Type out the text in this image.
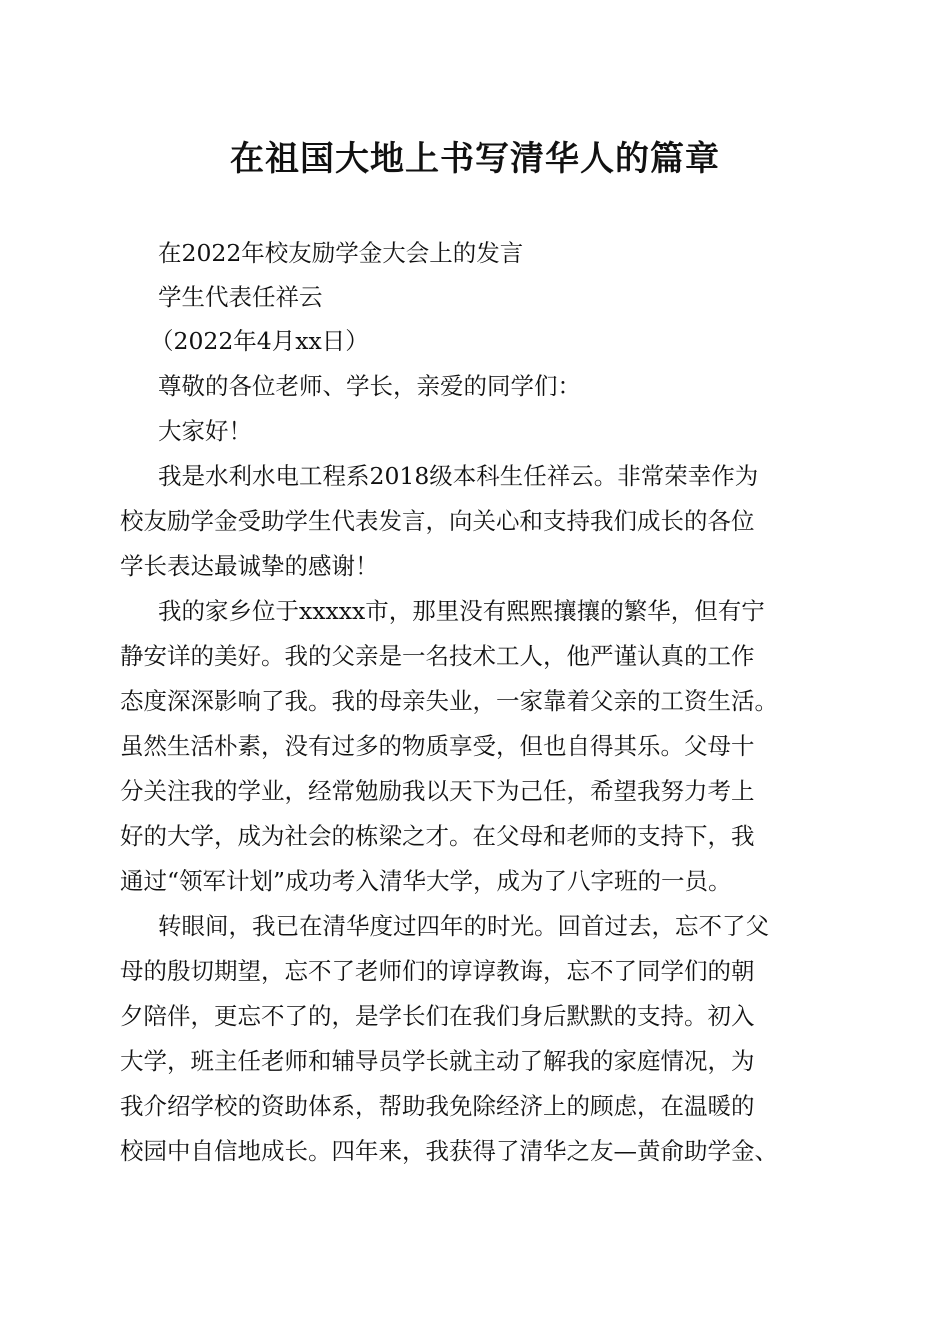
在祖国大地上书写清华人的篇章
在2022年校友励学金大会上的发言
学生代表任祥云
（2022年4月xx日）
尊敬的各位老师、学长，亲爱的同学们：
大家好！
我是水利水电工程系2018级本科生任祥云。非常荣幸作为
校友励学金受助学生代表发言，向关心和支持我们成长的各位
学长表达最诚挚的感谢！
我的家乡位于xxxxx市，那里没有熙熙攘攘的繁华，但有宁
静安详的美好。我的父亲是一名技术工人，他严谨认真的工作
态度深深影响了我。我的母亲失业，一家靠着父亲的工资生活。
虽然生活朴素，没有过多的物质享受，但也自得其乐。父母十
分关注我的学业，经常勉励我以天下为己任，希望我努力考上
好的大学，成为社会的栋梁之才。在父母和老师的支持下，我
通过“领军计划”成功考入清华大学，成为了八字班的一员。
转眼间，我已在清华度过四年的时光。回首过去，忘不了父
母的殷切期望，忘不了老师们的谆谆教诲，忘不了同学们的朝
夕陪伴，更忘不了的，是学长们在我们身后默默的支持。初入
大学，班主任老师和辅导员学长就主动了解我的家庭情况，为
我介绍学校的资助体系，帮助我免除经济上的顾虑，在温暖的
校园中自信地成长。四年来，我获得了清华之友—黄俞助学金、
